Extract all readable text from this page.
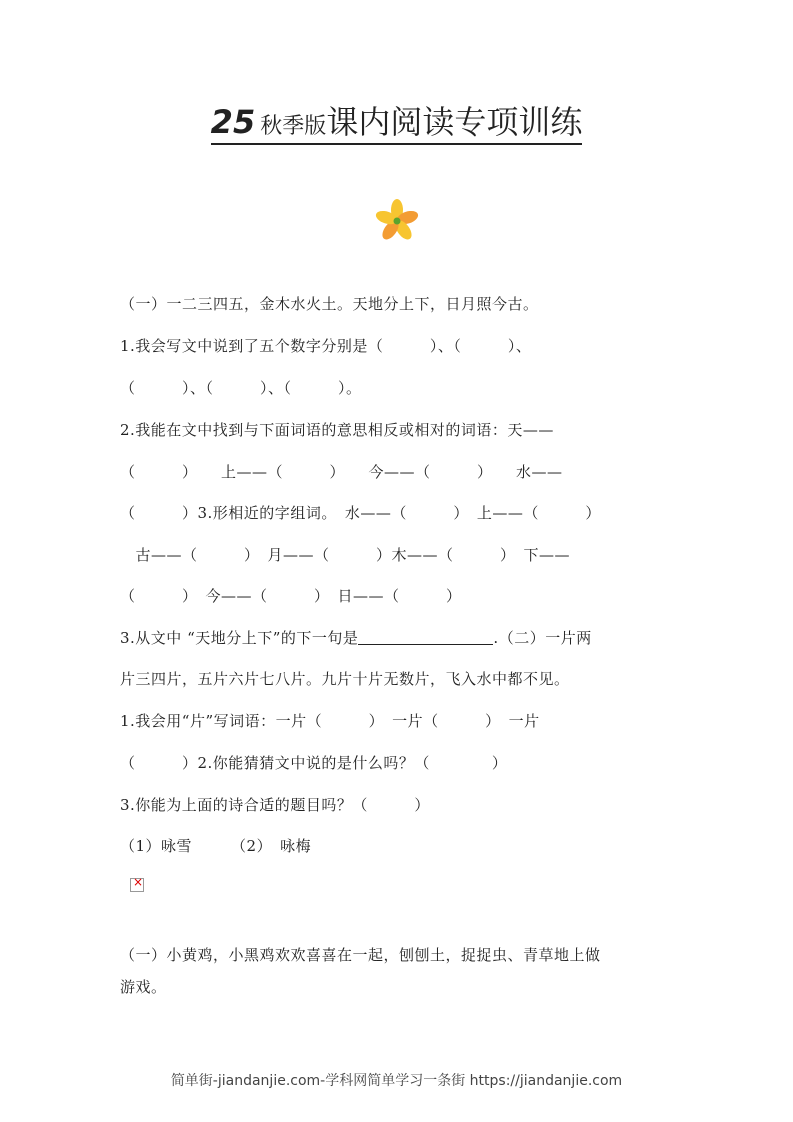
25 秋季版课内阅读专项训练
（一）一二三四五，金木水火土。天地分上下，日月照今古。
1.我会写文中说到了五个数字分别是（　　　）、（　　　）、
（　　　）、（　　　）、（　　　）。
2.我能在文中找到与下面词语的意思相反或相对的词语：天——
（　　　）　　上——（　　　）　　今——（　　　）　　水——
（　　　）3.形相近的字组词。　水——（　　　）　上——（　　　）
　古——（　　　）　月——（　　　）木——（　　　）　下——
（　　　）　今——（　　　）　日——（　　　）
3.从文中 “天地分上下”的下一句是	.（二）一片两
片三四片，五片六片七八片。九片十片无数片，飞入水中都不见。
1.我会用“片”写词语：一片（　　　）　一片（　　　）　一片
（　　　）2.你能猜猜文中说的是什么吗？（　　　　）
3.你能为上面的诗合适的题目吗？（　　　）
（1）咏雪　　　（2）　咏梅
×
（一）小黄鸡，小黑鸡欢欢喜喜在一起，刨刨土，捉捉虫、青草地上做
游戏。
简单街-jiandanjie.com-学科网简单学习一条街 https://jiandanjie.com
